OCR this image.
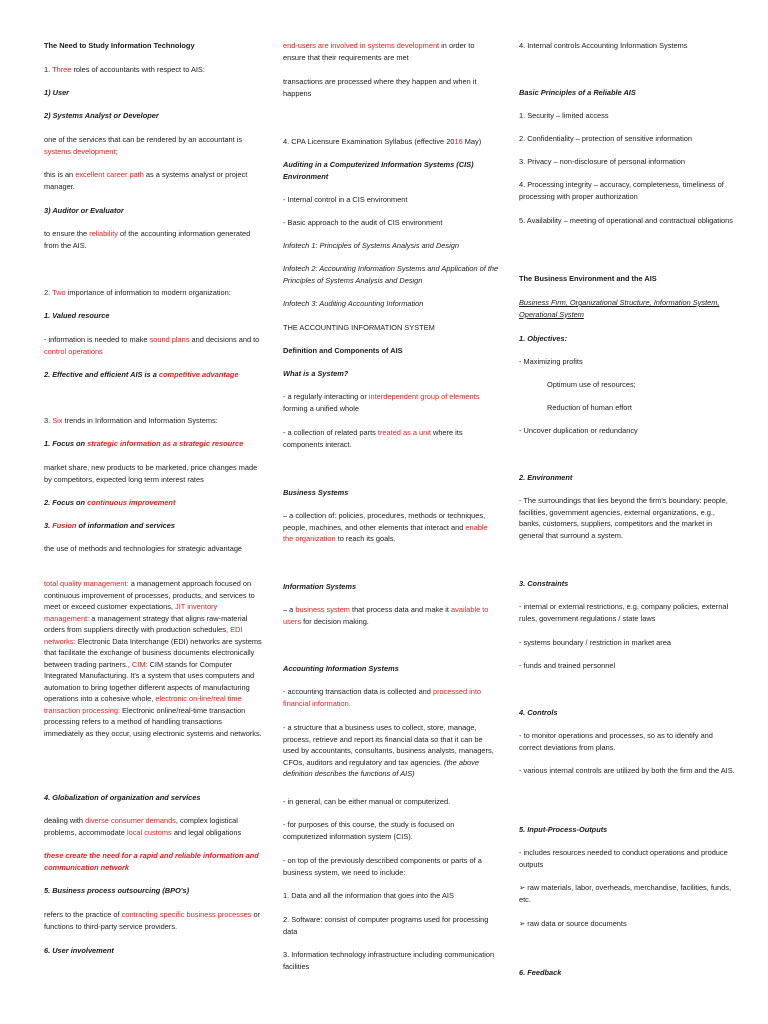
The Need to Study Information Technology

1. Three roles of accountants with respect to AIS:

1) User

2) Systems Analyst or Developer

one of the services that can be rendered by an accountant is systems development;

this is an excellent career path as a systems analyst or project manager.

3) Auditor or Evaluator

to ensure the reliability of the accounting information generated from the AIS.

2. Two importance of information to modern organization:

1. Valued resource

- information is needed to make sound plans and decisions and to control operations

2. Effective and efficient AIS is a competitive advantage

3. Six trends in Information and Information Systems:

1. Focus on strategic information as a strategic resource

market share, new products to be marketed, price changes made by competitors, expected long term interest rates

2. Focus on continuous improvement

3. Fusion of information and services

the use of methods and technologies for strategic advantage

total quality management: a management approach focused on continuous improvement of processes, products, and services to meet or exceed customer expectations, JIT inventory management: a management strategy that aligns raw-material orders from suppliers directly with production schedules, EDI networks: Electronic Data Interchange (EDI) networks are systems that facilitate the exchange of business documents electronically between trading partners., CIM: CIM stands for Computer Integrated Manufacturing. It's a system that uses computers and automation to bring together different aspects of manufacturing operations into a cohesive whole, electronic on-line/real time transaction processing: Electronic online/real-time transaction processing refers to a method of handling transactions immediately as they occur, using electronic systems and networks.

4. Globalization of organization and services

dealing with diverse consumer demands, complex logistical problems, accommodate local customs and legal obligations

these create the need for a rapid and reliable information and communication network

5. Business process outsourcing (BPO's)

refers to the practice of contracting specific business processes or functions to third-party service providers.

6. User involvement

end-users are involved in systems development in order to ensure that their requirements are met

transactions are processed where they happen and when it happens

4. CPA Licensure Examination Syllabus (effective 2016 May)

Auditing in a Computerized Information Systems (CIS) Environment

- Internal control in a CIS environment

- Basic approach to the audit of CIS environment

Infotech 1: Principles of Systems Analysis and Design

Infotech 2: Accounting Information Systems and Application of the Principles of Systems Analysis and Design

Infotech 3: Auditing Accounting Information

THE ACCOUNTING INFORMATION SYSTEM

Definition and Components of AIS

What is a System?

- a regularly interacting or interdependent group of elements forming a unified whole

- a collection of related parts treated as a unit where its components interact.

Business Systems

– a collection of: policies, procedures, methods or techniques, people, machines, and other elements that interact and enable the organization to reach its goals.

Information Systems

– a business system that process data and make it available to users for decision making.

Accounting Information Systems

- accounting transaction data is collected and processed into financial information.

- a structure that a business uses to collect, store, manage, process, retrieve and report its financial data so that it can be used by accountants, consultants, business analysts, managers, CFOs, auditors and regulatory and tax agencies. (the above definition describes the functions of AIS)

- in general, can be either manual or computerized.

- for purposes of this course, the study is focused on computerized information system (CIS).

- on top of the previously described components or parts of a business system, we need to include:

1. Data and all the information that goes into the AIS

2. Software: consist of computer programs used for processing data

3. Information technology infrastructure including communication facilities

4. Internal controls Accounting Information Systems

Basic Principles of a Reliable AIS

1. Security – limited access

2. Confidentiality – protection of sensitive information

3. Privacy – non-disclosure of personal information

4. Processing integrity – accuracy, completeness, timeliness of processing with proper authorization

5. Availability – meeting of operational and contractual obligations

The Business Environment and the AIS

Business Firm, Organizational Structure, Information System, Operational System

1. Objectives:

- Maximizing profits

Optimum use of resources;

Reduction of human effort

- Uncover duplication or redundancy

2. Environment

- The surroundings that lies beyond the firm's boundary: people, facilities, government agencies, external organizations, e.g., banks, customers, suppliers, competitors and the market in general that surround a system.

3. Constraints

- internal or external restrictions, e.g. company policies, external rules, government regulations / state laws

- systems boundary / restriction in market area

- funds and trained personnel

4. Controls

- to monitor operations and processes, so as to identify and correct deviations from plans.

- various internal controls are utilized by both the firm and the AIS.

5. Input-Process-Outputs

- includes resources needed to conduct operations and produce outputs

➢ raw materials, labor, overheads, merchandise, facilities, funds, etc.

➢ raw data or source documents

6. Feedback
